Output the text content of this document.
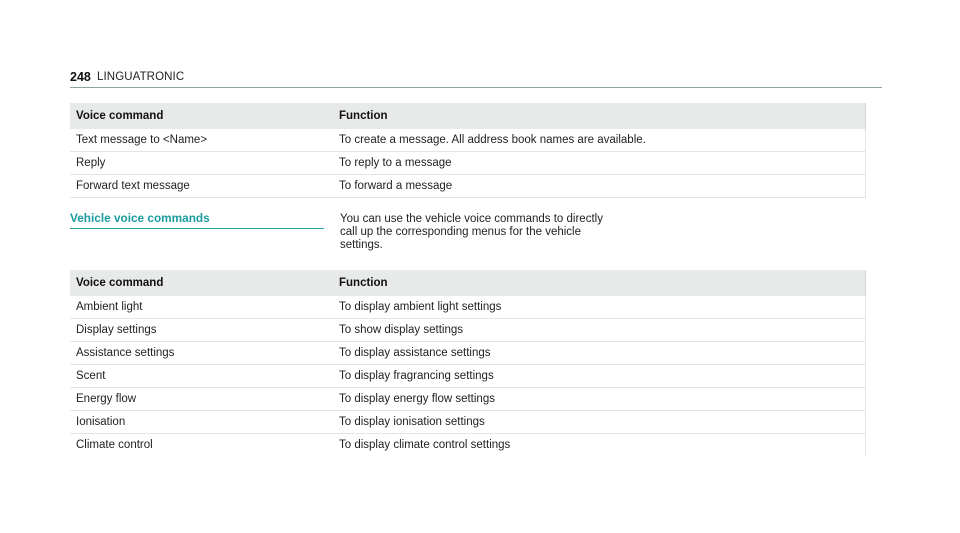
248 LINGUATRONIC
Voice command	Function
Text message to <Name>	To create a message. All address book names are available.
Reply	To reply to a message
Forward text message	To forward a message
Vehicle voice commands	You can use the vehicle voice commands to directly call up the corresponding menus for the vehicle settings.
Voice command	Function
Ambient light	To display ambient light settings
Display settings	To show display settings
Assistance settings	To display assistance settings
Scent	To display fragrancing settings
Energy flow	To display energy flow settings
Ionisation	To display ionisation settings
Climate control	To display climate control settings
